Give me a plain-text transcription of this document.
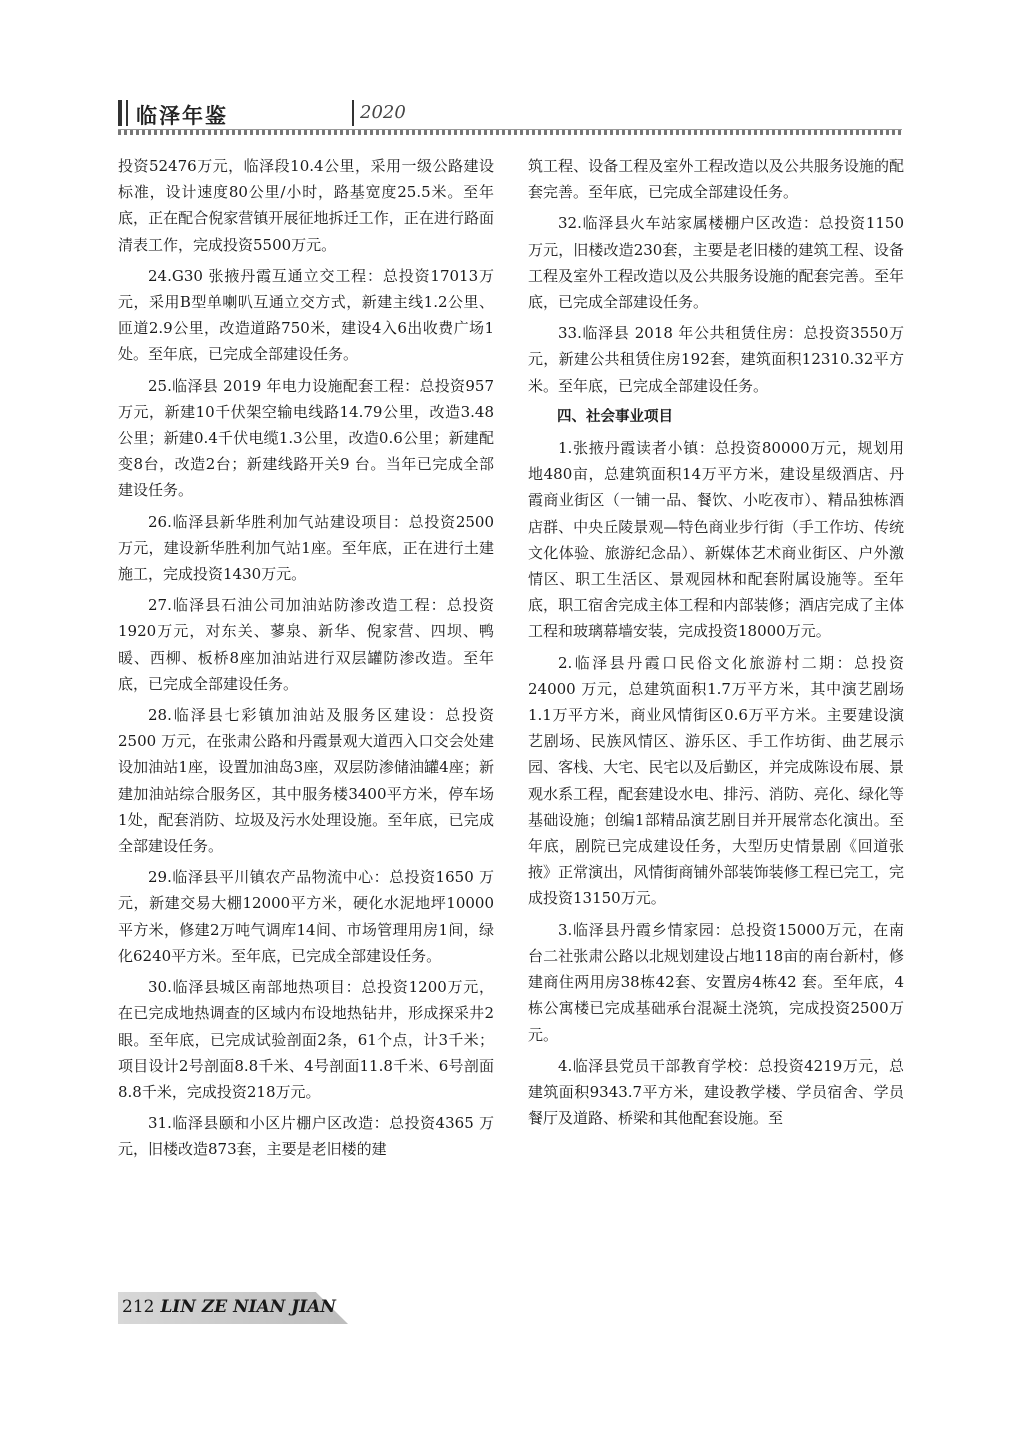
临泽年鉴	2020

投资52476万元，临泽段10.4公里，采用一级公路建设标准，设计速度80公里/小时，路基宽度25.5米。至年底，正在配合倪家营镇开展征地拆迁工作，正在进行路面清表工作，完成投资5500万元。

24.G30 张掖丹霞互通立交工程：总投资17013万元，采用B型单喇叭互通立交方式，新建主线1.2公里、匝道2.9公里，改造道路750米，建设4入6出收费广场1处。至年底，已完成全部建设任务。

25.临泽县 2019 年电力设施配套工程：总投资957 万元，新建10千伏架空输电线路14.79公里，改造3.48公里；新建0.4千伏电缆1.3公里，改造0.6公里；新建配变8台，改造2台；新建线路开关9 台。当年已完成全部建设任务。

26.临泽县新华胜利加气站建设项目：总投资2500 万元，建设新华胜利加气站1座。至年底，正在进行土建施工，完成投资1430万元。

27.临泽县石油公司加油站防渗改造工程：总投资1920万元，对东关、蓼泉、新华、倪家营、四坝、鸭暖、西柳、板桥8座加油站进行双层罐防渗改造。至年底，已完成全部建设任务。

28.临泽县七彩镇加油站及服务区建设：总投资2500 万元，在张肃公路和丹霞景观大道西入口交会处建设加油站1座，设置加油岛3座，双层防渗储油罐4座；新建加油站综合服务区，其中服务楼3400平方米，停车场1处，配套消防、垃圾及污水处理设施。至年底，已完成全部建设任务。

29.临泽县平川镇农产品物流中心：总投资1650 万元，新建交易大棚12000平方米，硬化水泥地坪10000平方米，修建2万吨气调库14间、市场管理用房1间，绿化6240平方米。至年底，已完成全部建设任务。

30.临泽县城区南部地热项目：总投资1200万元，在已完成地热调查的区域内布设地热钻井，形成探采井2眼。至年底，已完成试验剖面2条，61个点，计3千米；项目设计2号剖面8.8千米、4号剖面11.8千米、6号剖面8.8千米，完成投资218万元。

31.临泽县颐和小区片棚户区改造：总投资4365 万元，旧楼改造873套，主要是老旧楼的建

筑工程、设备工程及室外工程改造以及公共服务设施的配套完善。至年底，已完成全部建设任务。

32.临泽县火车站家属楼棚户区改造：总投资1150 万元，旧楼改造230套，主要是老旧楼的建筑工程、设备工程及室外工程改造以及公共服务设施的配套完善。至年底，已完成全部建设任务。

33.临泽县 2018 年公共租赁住房：总投资3550万元，新建公共租赁住房192套，建筑面积12310.32平方米。至年底，已完成全部建设任务。

四、社会事业项目

1.张掖丹霞读者小镇：总投资80000万元，规划用地480亩，总建筑面积14万平方米，建设星级酒店、丹霞商业街区（一铺一品、餐饮、小吃夜市）、精品独栋酒店群、中央丘陵景观—特色商业步行街（手工作坊、传统文化体验、旅游纪念品）、新媒体艺术商业街区、户外激情区、职工生活区、景观园林和配套附属设施等。至年底，职工宿舍完成主体工程和内部装修；酒店完成了主体工程和玻璃幕墙安装，完成投资18000万元。

2.临泽县丹霞口民俗文化旅游村二期：总投资24000 万元，总建筑面积1.7万平方米，其中演艺剧场1.1万平方米，商业风情街区0.6万平方米。主要建设演艺剧场、民族风情区、游乐区、手工作坊街、曲艺展示园、客栈、大宅、民宅以及后勤区，并完成陈设布展、景观水系工程，配套建设水电、排污、消防、亮化、绿化等基础设施；创编1部精品演艺剧目并开展常态化演出。至年底，剧院已完成建设任务，大型历史情景剧《回道张掖》正常演出，风情街商铺外部装饰装修工程已完工，完成投资13150万元。

3.临泽县丹霞乡情家园：总投资15000万元，在南台二社张肃公路以北规划建设占地118亩的南台新村，修建商住两用房38栋42套、安置房4栋42 套。至年底，4栋公寓楼已完成基础承台混凝土浇筑，完成投资2500万元。

4.临泽县党员干部教育学校：总投资4219万元，总建筑面积9343.7平方米，建设教学楼、学员宿舍、学员餐厅及道路、桥梁和其他配套设施。至

212 LIN ZE NIAN JIAN
